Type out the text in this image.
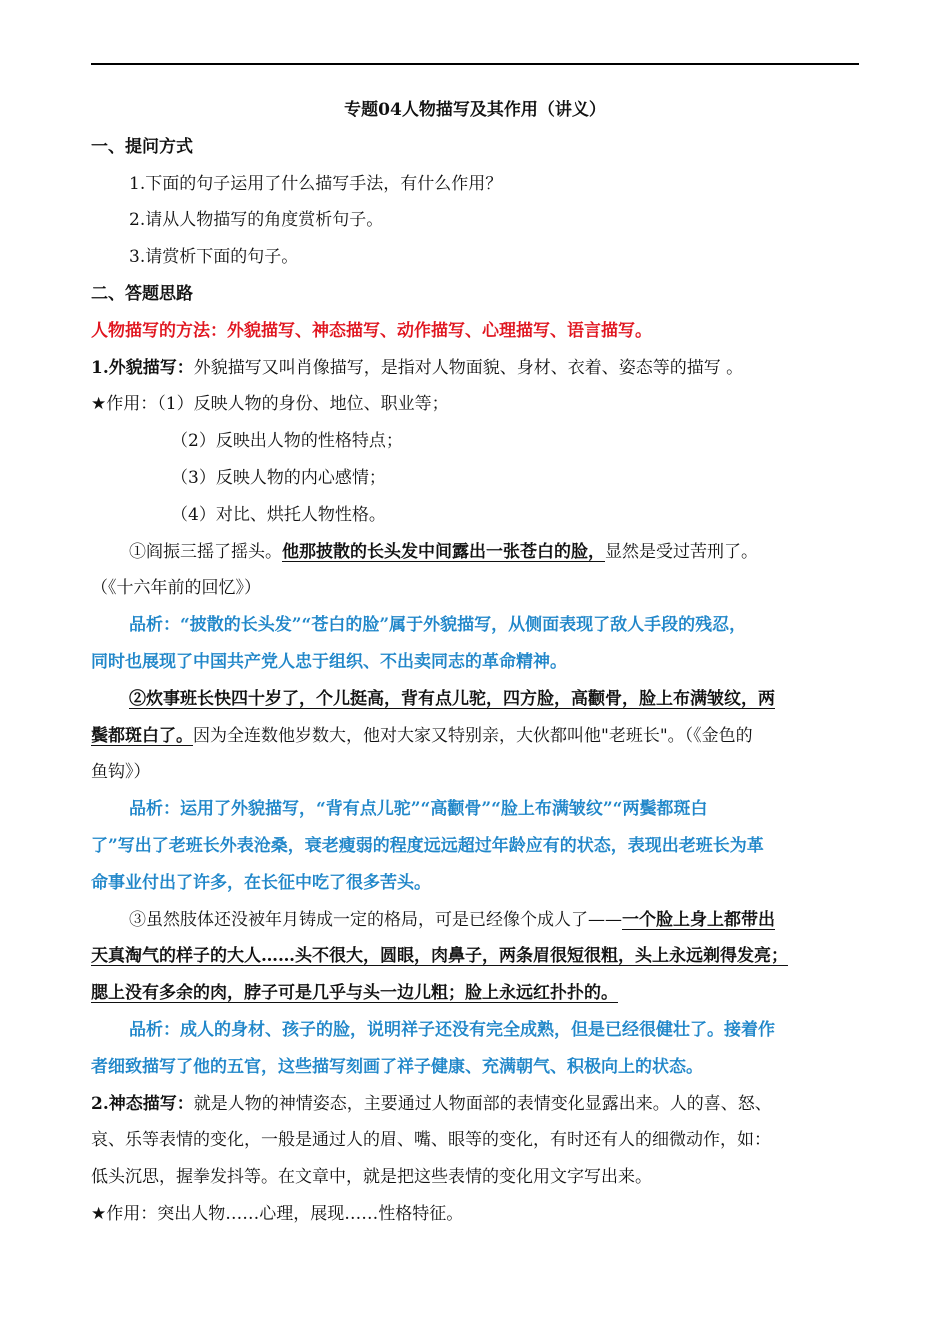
专题04人物描写及其作用（讲义）
一、提问方式
1.下面的句子运用了什么描写手法，有什么作用？
2.请从人物描写的角度赏析句子。
3.请赏析下面的句子。
二、答题思路
人物描写的方法：外貌描写、神态描写、动作描写、心理描写、语言描写。
1.外貌描写：外貌描写又叫肖像描写，是指对人物面貌、身材、衣着、姿态等的描写 。
★作用：（1）反映人物的身份、地位、职业等；
（2）反映出人物的性格特点；
（3）反映人物的内心感情；
（4）对比、烘托人物性格。
①阎振三摇了摇头。他那披散的长头发中间露出一张苍白的脸，显然是受过苦刑了。
（《十六年前的回忆》）
品析：“披散的长头发”“苍白的脸”属于外貌描写，从侧面表现了敌人手段的残忍，
同时也展现了中国共产党人忠于组织、不出卖同志的革命精神。
②炊事班长快四十岁了，个儿挺高，背有点儿驼，四方脸，高颧骨，脸上布满皱纹，两
鬓都斑白了。因为全连数他岁数大，他对大家又特别亲，大伙都叫他"老班长"。（《金色的
鱼钩》）
品析：运用了外貌描写，“背有点儿驼”“高颧骨”“脸上布满皱纹”“两鬓都斑白
了”写出了老班长外表沧桑，衰老瘦弱的程度远远超过年龄应有的状态，表现出老班长为革
命事业付出了许多，在长征中吃了很多苦头。
③虽然肢体还没被年月铸成一定的格局，可是已经像个成人了——一个脸上身上都带出
天真淘气的样子的大人……头不很大，圆眼，肉鼻子，两条眉很短很粗，头上永远剃得发亮；
腮上没有多余的肉，脖子可是几乎与头一边儿粗；脸上永远红扑扑的。
品析：成人的身材、孩子的脸，说明祥子还没有完全成熟，但是已经很健壮了。接着作
者细致描写了他的五官，这些描写刻画了祥子健康、充满朝气、积极向上的状态。
2.神态描写：就是人物的神情姿态，主要通过人物面部的表情变化显露出来。人的喜、怒、
哀、乐等表情的变化，一般是通过人的眉、嘴、眼等的变化，有时还有人的细微动作，如：
低头沉思，握拳发抖等。在文章中，就是把这些表情的变化用文字写出来。
★作用：突出人物……心理，展现……性格特征。
